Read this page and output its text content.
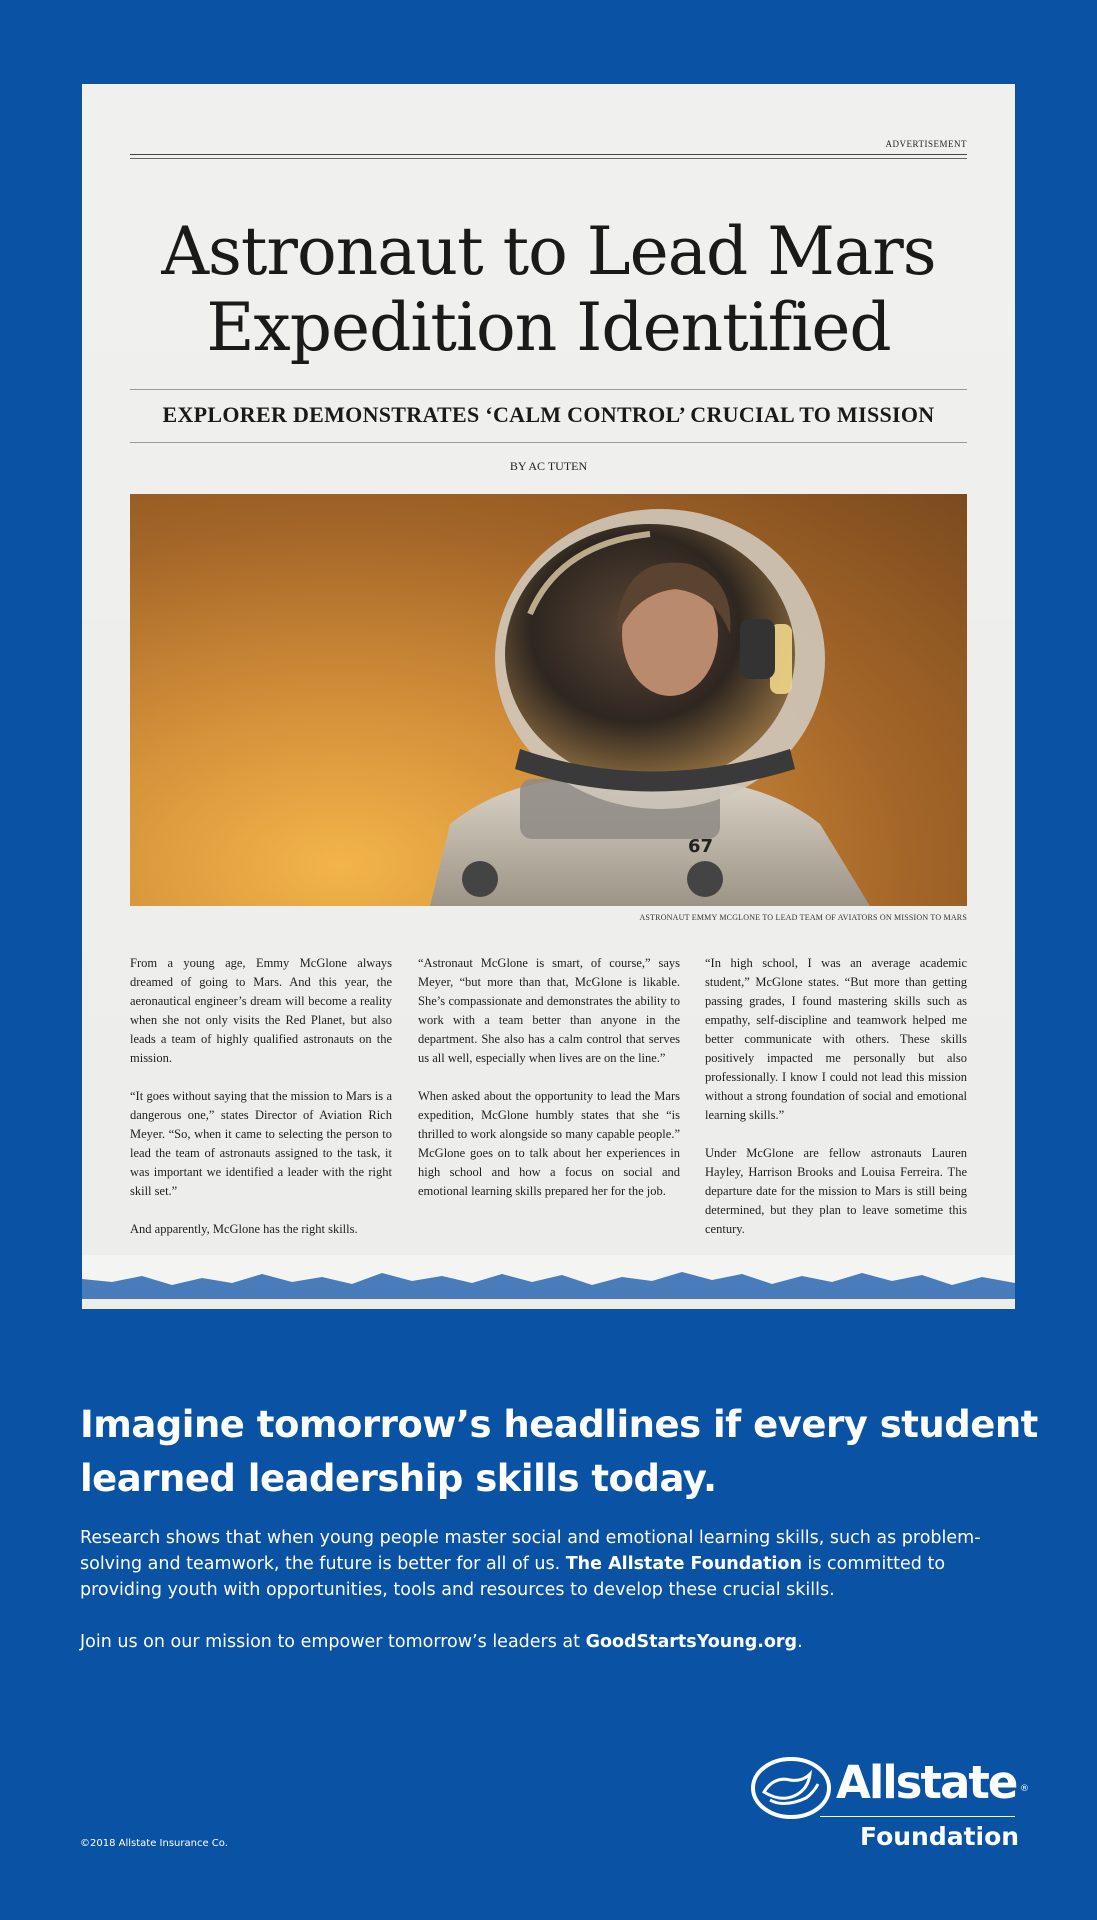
ADVERTISEMENT
Astronaut to Lead Mars
Expedition Identified
EXPLORER DEMONSTRATES ‘CALM CONTROL’ CRUCIAL TO MISSION
BY AC TUTEN
67
ASTRONAUT EMMY MCGLONE TO LEAD TEAM OF AVIATORS ON MISSION TO MARS

From a young age, Emmy McGlone always dreamed of going to Mars. And this year, the aeronautical engineer’s dream will become a reality when she not only visits the Red Planet, but also leads a team of highly qualified astronauts on the mission.

“It goes without saying that the mission to Mars is a dangerous one,” states Director of Aviation Rich Meyer. “So, when it came to selecting the person to lead the team of astronauts assigned to the task, it was important we identified a leader with the right skill set.”

And apparently, McGlone has the right skills.

“Astronaut McGlone is smart, of course,” says Meyer, “but more than that, McGlone is likable. She’s compassionate and demonstrates the ability to work with a team better than anyone in the department. She also has a calm control that serves us all well, especially when lives are on the line.”

When asked about the opportunity to lead the Mars expedition, McGlone humbly states that she “is thrilled to work alongside so many capable people.” McGlone goes on to talk about her experiences in high school and how a focus on social and emotional learning skills prepared her for the job.

“In high school, I was an average academic student,” McGlone states. “But more than getting passing grades, I found mastering skills such as empathy, self-discipline and teamwork helped me better communicate with others. These skills positively impacted me personally but also professionally. I know I could not lead this mission without a strong foundation of social and emotional learning skills.”

Under McGlone are fellow astronauts Lauren Hayley, Harrison Brooks and Louisa Ferreira. The departure date for the mission to Mars is still being determined, but they plan to leave sometime this century.

Imagine tomorrow’s headlines if every student
learned leadership skills today.
Research shows that when young people master social and emotional learning skills, such as problem-solving and teamwork, the future is better for all of us. The Allstate Foundation is committed to providing youth with opportunities, tools and resources to develop these crucial skills.
Join us on our mission to empower tomorrow’s leaders at GoodStartsYoung.org.
©2018 Allstate Insurance Co.
Allstate ®
Foundation
